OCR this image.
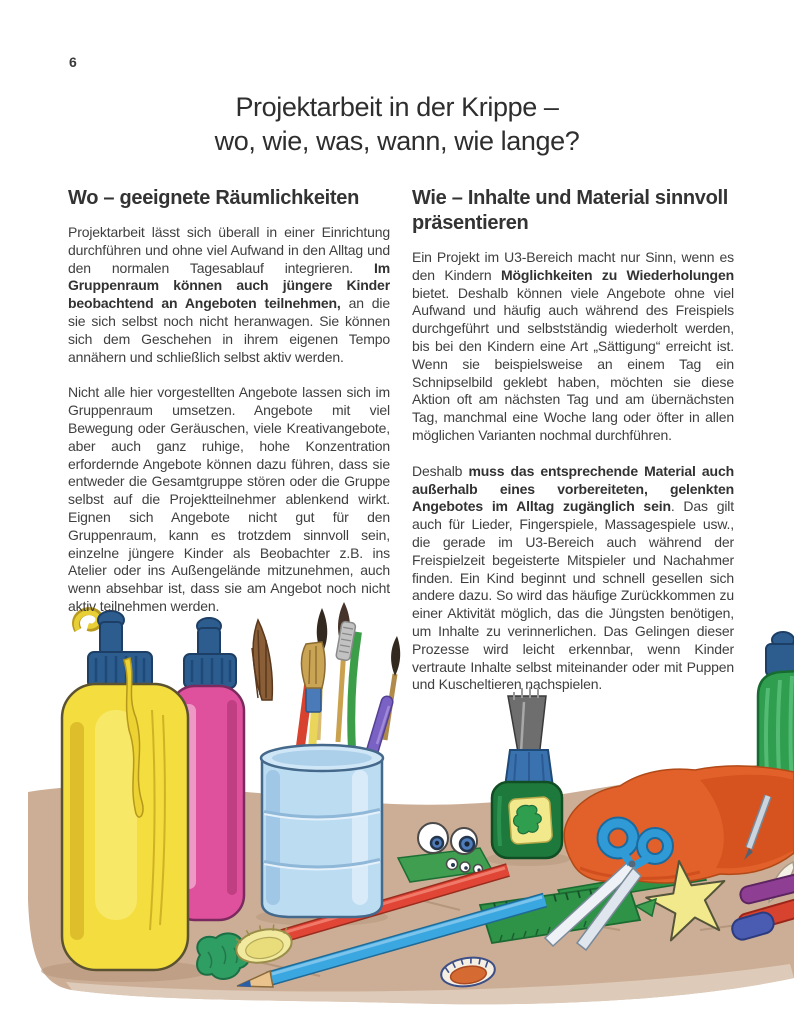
6
Projektarbeit in der Krippe –
wo, wie, was, wann, wie lange?
Wo – geeignete Räumlichkeiten

Projektarbeit lässt sich überall in einer Einrichtung durchführen und ohne viel Aufwand in den Alltag und den normalen Tagesablauf integrieren. Im Gruppenraum können auch jüngere Kinder beobachtend an Angeboten teilnehmen, an die sie sich selbst noch nicht heranwagen. Sie können sich dem Geschehen in ihrem eigenen Tempo annähern und schließlich selbst aktiv werden.

Nicht alle hier vorgestellten Angebote lassen sich im Gruppenraum umsetzen. Angebote mit viel Bewegung oder Geräuschen, viele Kreativangebote, aber auch ganz ruhige, hohe Konzentration erfordernde Angebote können dazu führen, dass sie entweder die Gesamtgruppe stören oder die Gruppe selbst auf die Projektteilnehmer ablenkend wirkt. Eignen sich Angebote nicht gut für den Gruppenraum, kann es trotzdem sinnvoll sein, einzelne jüngere Kinder als Beobachter z.B. ins Atelier oder ins Außengelände mitzunehmen, auch wenn absehbar ist, dass sie am Angebot noch nicht aktiv teilnehmen werden.

Wie – Inhalte und Material sinnvoll präsentieren

Ein Projekt im U3-Bereich macht nur Sinn, wenn es den Kindern Möglichkeiten zu Wiederholungen bietet. Deshalb können viele Angebote ohne viel Aufwand und häufig auch während des Freispiels durchgeführt und selbstständig wiederholt werden, bis bei den Kindern eine Art „Sättigung“ erreicht ist. Wenn sie beispielsweise an einem Tag ein Schnipselbild geklebt haben, möchten sie diese Aktion oft am nächsten Tag und am übernächsten Tag, manchmal eine Woche lang oder öfter in allen möglichen Varianten nochmal durchführen.

Deshalb muss das entsprechende Material auch außerhalb eines vorbereiteten, gelenkten Angebotes im Alltag zugänglich sein. Das gilt auch für Lieder, Fingerspiele, Massagespiele usw., die gerade im U3-Bereich auch während der Freispielzeit begeisterte Mitspieler und Nachahmer finden. Ein Kind beginnt und schnell gesellen sich andere dazu. So wird das häufige Zurückkommen zu einer Aktivität möglich, das die Jüngsten benötigen, um Inhalte zu verinnerlichen. Das Gelingen dieser Prozesse wird leicht erkennbar, wenn Kinder vertraute Inhalte selbst miteinander oder mit Puppen und Kuscheltieren nachspielen.
